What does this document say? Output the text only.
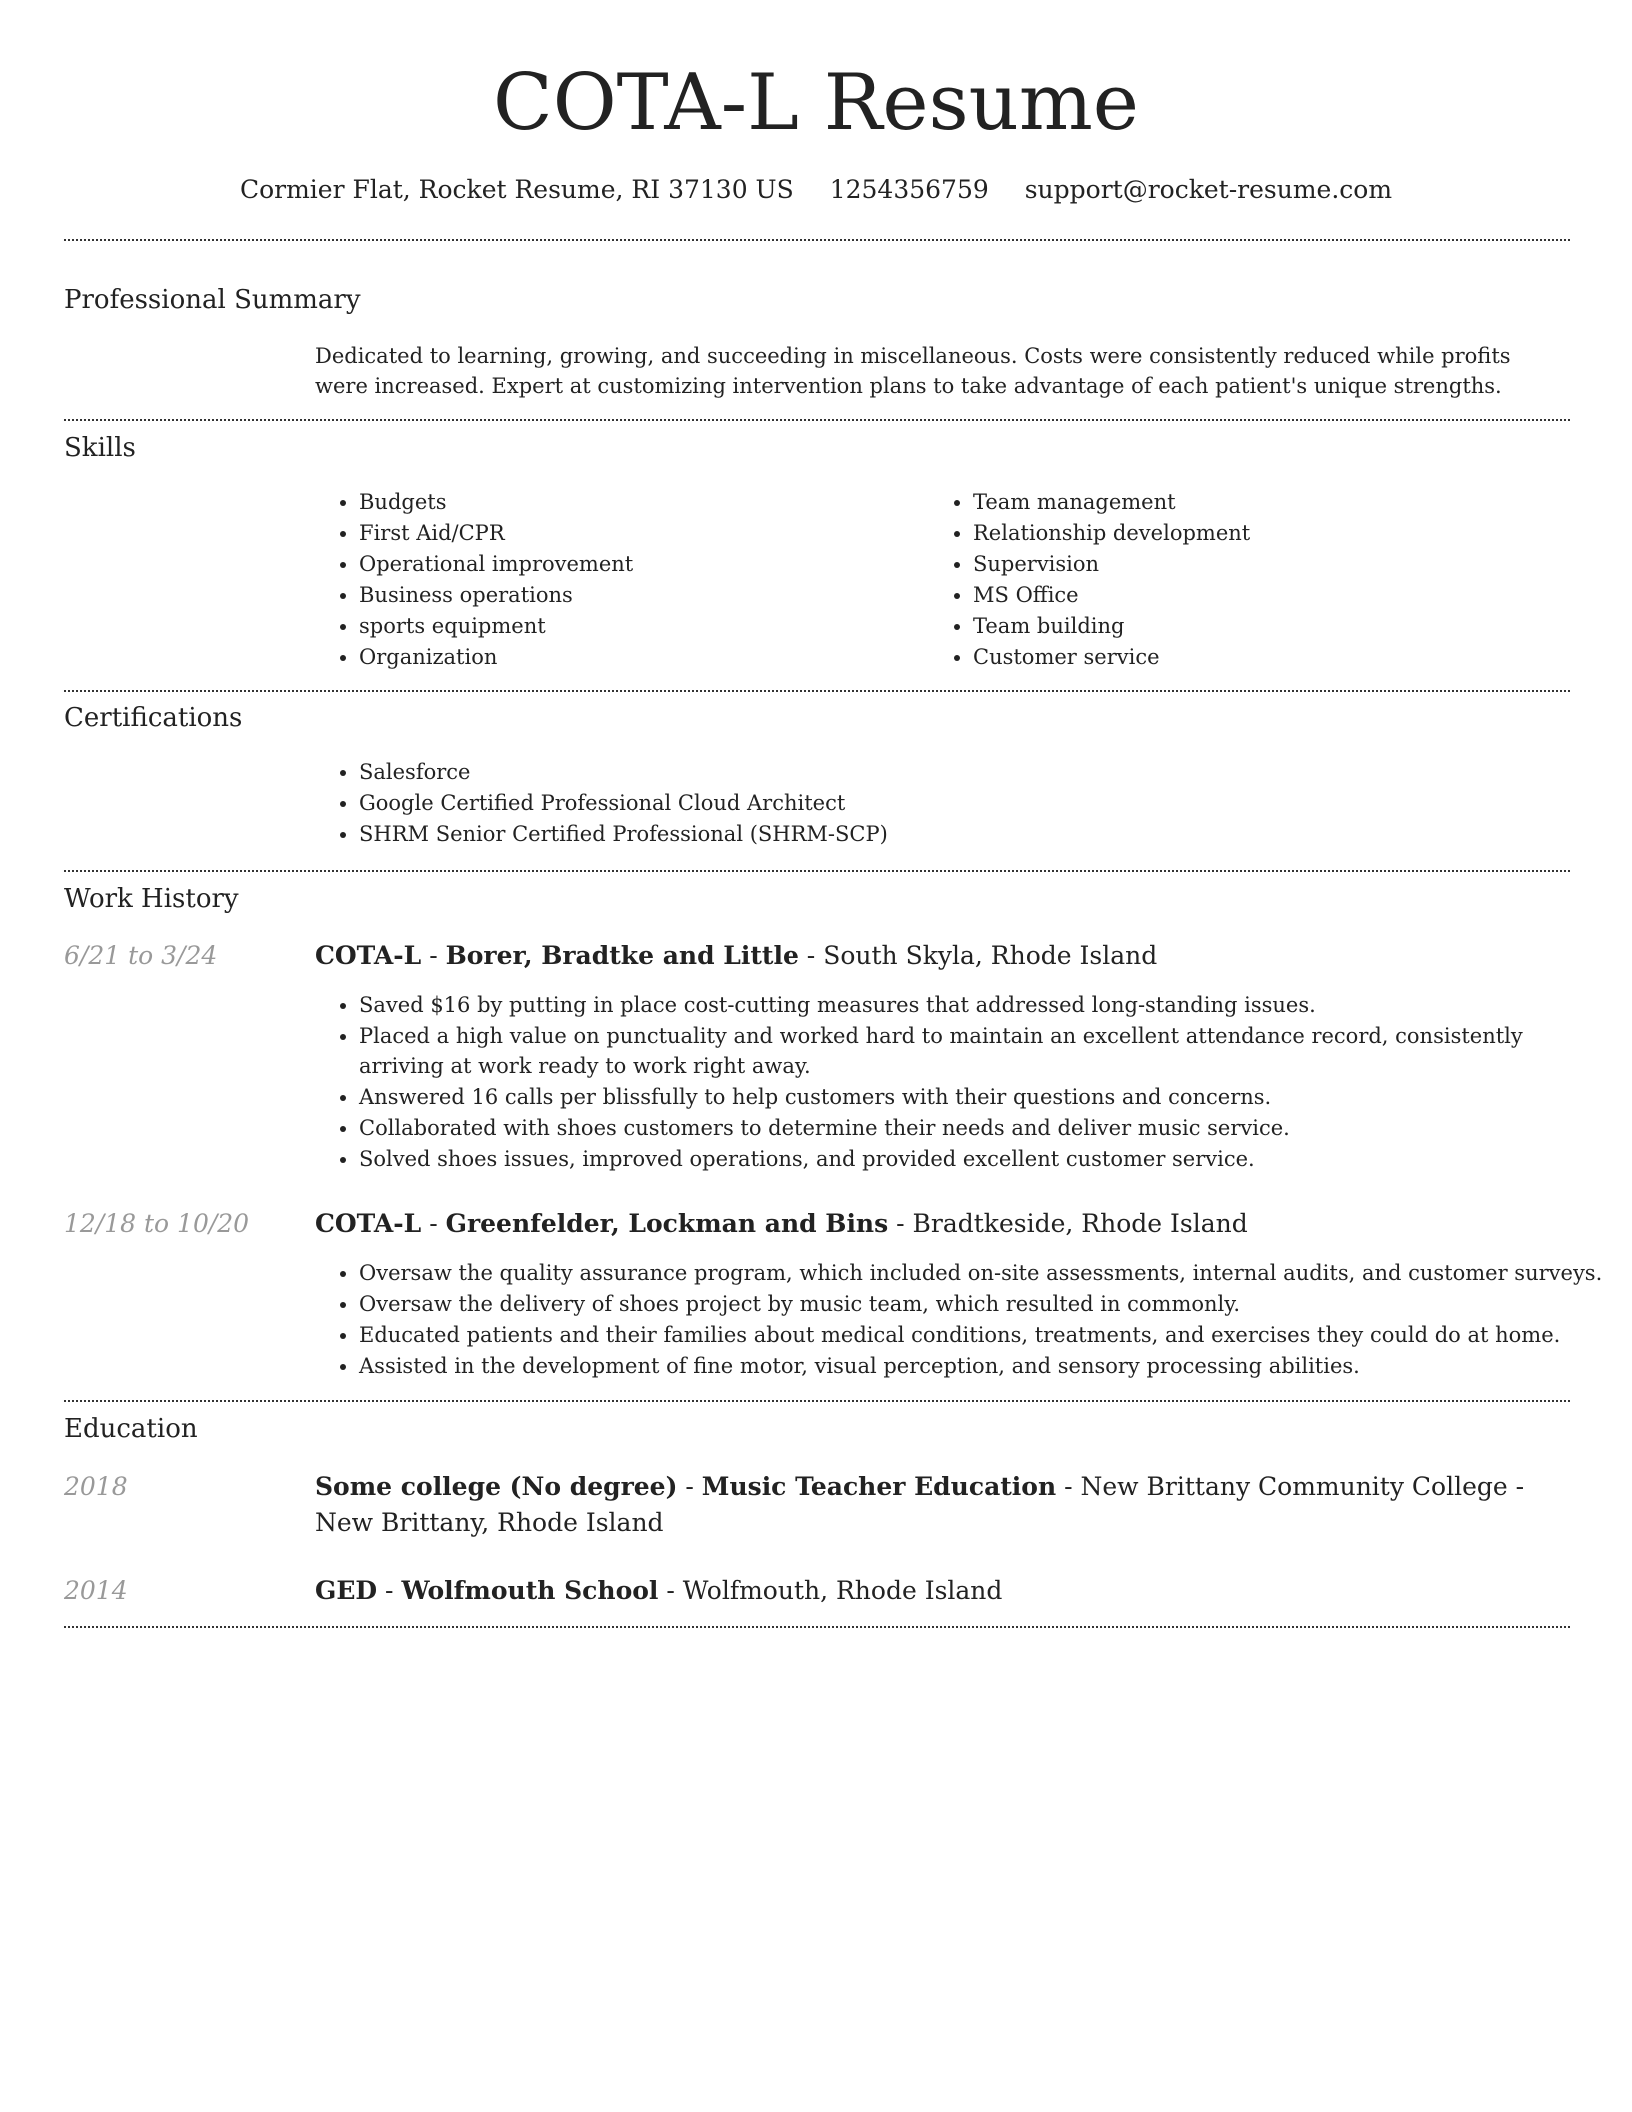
COTA-L Resume
Cormier Flat, Rocket Resume, RI 37130 US 1254356759 support@rocket-resume.com
Professional Summary

Dedicated to learning, growing, and succeeding in miscellaneous. Costs were consistently reduced while profits were increased. Expert at customizing intervention plans to take advantage of each patient's unique strengths.

Skills
• Budgets
• First Aid/CPR
• Operational improvement
• Business operations
• sports equipment
• Organization
• Team management
• Relationship development
• Supervision
• MS Office
• Team building
• Customer service
Certifications
• Salesforce
• Google Certified Professional Cloud Architect
• SHRM Senior Certified Professional (SHRM-SCP)
Work History
6/21 to 3/24	COTA-L - Borer, Bradtke and Little - South Skyla, Rhode Island
• Saved $16 by putting in place cost-cutting measures that addressed long-standing issues.
• Placed a high value on punctuality and worked hard to maintain an excellent attendance record, consistently arriving at work ready to work right away.
• Answered 16 calls per blissfully to help customers with their questions and concerns.
• Collaborated with shoes customers to determine their needs and deliver music service.
• Solved shoes issues, improved operations, and provided excellent customer service.
12/18 to 10/20	COTA-L - Greenfelder, Lockman and Bins - Bradtkeside, Rhode Island
• Oversaw the quality assurance program, which included on-site assessments, internal audits, and customer surveys.
• Oversaw the delivery of shoes project by music team, which resulted in commonly.
• Educated patients and their families about medical conditions, treatments, and exercises they could do at home.
• Assisted in the development of fine motor, visual perception, and sensory processing abilities.
Education
2018	Some college (No degree) - Music Teacher Education - New Brittany Community College - New Brittany, Rhode Island
2014	GED - Wolfmouth School - Wolfmouth, Rhode Island
